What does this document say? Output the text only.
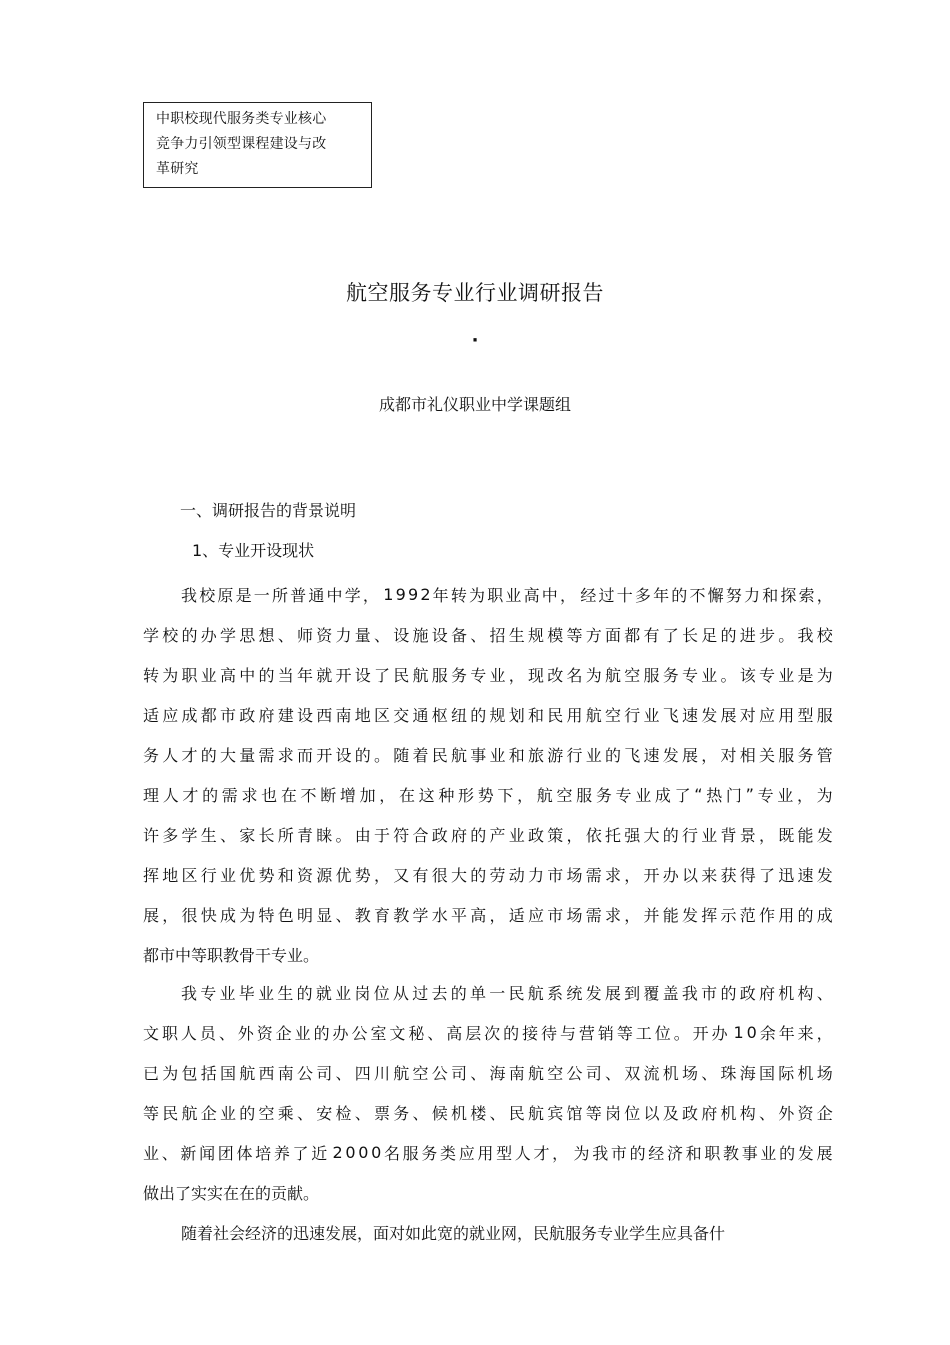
中职校现代服务类专业核心
竞争力引领型课程建设与改
革研究
航空服务专业行业调研报告
·
成都市礼仪职业中学课题组
一、调研报告的背景说明
1、专业开设现状
我 校 原 是 一 所 普 通 中 学 ， 1 9 9 2 年 转 为 职 业 高 中 ， 经 过 十 多 年 的 不 懈 努 力 和 探 索 ，
学 校 的 办 学 思 想 、 师 资 力 量 、 设 施 设 备 、 招 生 规 模 等 方 面 都 有 了 长 足 的 进 步 。 我 校
转 为 职 业 高 中 的 当 年 就 开 设 了 民 航 服 务 专 业 ， 现 改 名 为 航 空 服 务 专 业 。 该 专 业 是 为
适 应 成 都 市 政 府 建 设 西 南 地 区 交 通 枢 纽 的 规 划 和 民 用 航 空 行 业 飞 速 发 展 对 应 用 型 服
务 人 才 的 大 量 需 求 而 开 设 的 。 随 着 民 航 事 业 和 旅 游 行 业 的 飞 速 发 展 ， 对 相 关 服 务 管
理 人 才 的 需 求 也 在 不 断 增 加 ， 在 这 种 形 势 下 ， 航 空 服 务 专 业 成 了 “ 热 门 ” 专 业 ， 为
许 多 学 生 、 家 长 所 青 睐 。 由 于 符 合 政 府 的 产 业 政 策 ， 依 托 强 大 的 行 业 背 景 ， 既 能 发
挥 地 区 行 业 优 势 和 资 源 优 势 ， 又 有 很 大 的 劳 动 力 市 场 需 求 ， 开 办 以 来 获 得 了 迅 速 发
展 ， 很 快 成 为 特 色 明 显 、 教 育 教 学 水 平 高 ， 适 应 市 场 需 求 ， 并 能 发 挥 示 范 作 用 的 成
都市中等职教骨干专业。
我 专 业 毕 业 生 的 就 业 岗 位 从 过 去 的 单 一 民 航 系 统 发 展 到 覆 盖 我 市 的 政 府 机 构 、
文 职 人 员 、 外 资 企 业 的 办 公 室 文 秘 、 高 层 次 的 接 待 与 营 销 等 工 位 。 开 办 1 0 余 年 来 ，
已 为 包 括 国 航 西 南 公 司 、 四 川 航 空 公 司 、 海 南 航 空 公 司 、 双 流 机 场 、 珠 海 国 际 机 场
等 民 航 企 业 的 空 乘 、 安 检 、 票 务 、 候 机 楼 、 民 航 宾 馆 等 岗 位 以 及 政 府 机 构 、 外 资 企
业 、 新 闻 团 体 培 养 了 近 2 0 0 0 名 服 务 类 应 用 型 人 才 ， 为 我 市 的 经 济 和 职 教 事 业 的 发 展
做出了实实在在的贡献。
随着社会经济的迅速发展，面对如此宽的就业网，民航服务专业学生应具备什
